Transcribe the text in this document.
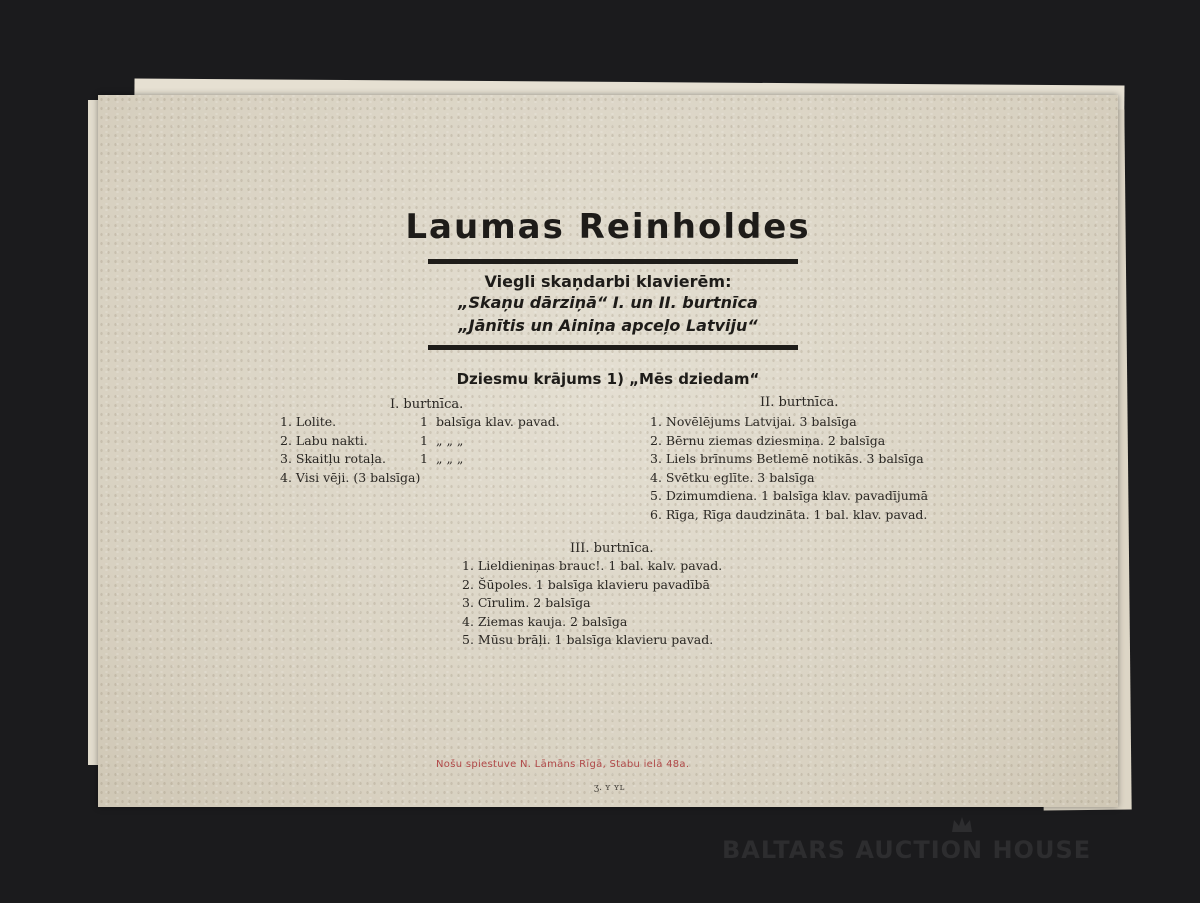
Laumas Reinholdes

Viegli skaņdarbi klavierēm:

„Skaņu dārziņā“ I. un II. burtnīca

„Jānītis un Ainiņa apceļo Latviju“

Dziesmu krājums 1) „Mēs dziedam“
I. burtnīca.
1. Lolite.	1 balsīga klav. pavad.
2. Labu nakti.	1 „ „ „
3. Skaitļu rotaļa.	1 „ „ „
4. Visi vēji. (3 balsīga)
II. burtnīca.
1. Novēlējums Latvijai. 3 balsīga
2. Bērnu ziemas dziesmiņa. 2 balsīga
3. Liels brīnums Betlemē notikās. 3 balsīga
4. Svētku eglīte. 3 balsīga
5. Dzimumdiena. 1 balsīga klav. pavadījumā
6. Rīga, Rīga daudzināta. 1 bal. klav. pavad.
III. burtnīca.
1. Lieldieniņas brauc!. 1 bal. kalv. pavad.
2. Šūpoles. 1 balsīga klavieru pavadībā
3. Cīrulim. 2 balsīga
4. Ziemas kauja. 2 balsīga
5. Mūsu brāļi. 1 balsīga klavieru pavad.
Nošu spiestuve N. Lāmāns Rīgā, Stabu ielā 48a.
ʒ. ʏ ʏʟ
BALTARS AUCTION HOUSE
